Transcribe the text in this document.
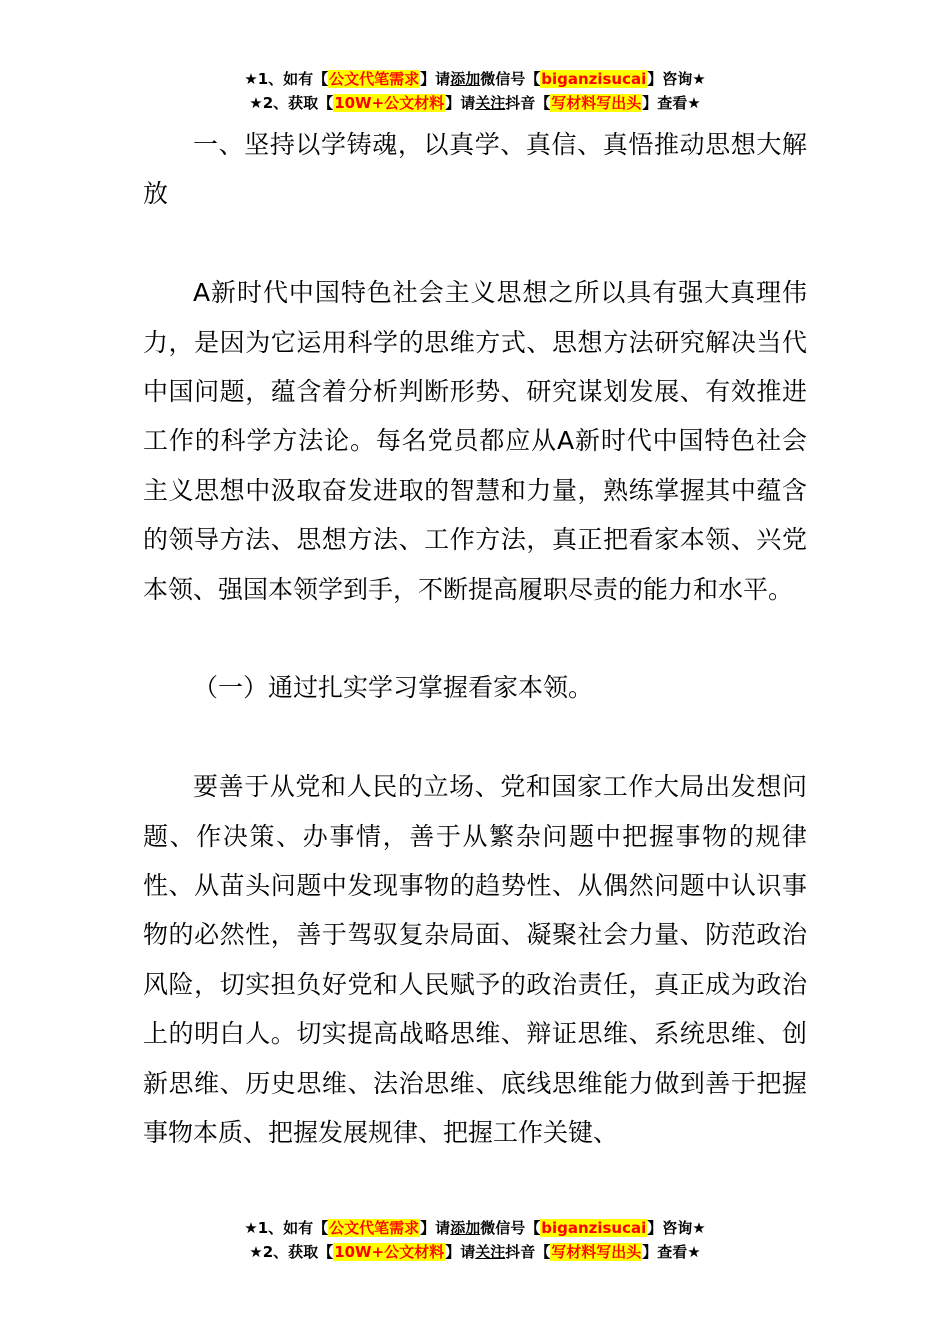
★1、如有【公文代笔需求】请添加微信号【biganzisucai】咨询★
★2、获取【10W+公文材料】请关注抖音【写材料写出头】查看★

一、坚持以学铸魂，以真学、真信、真悟推动思想大解放

A新时代中国特色社会主义思想之所以具有强大真理伟力，是因为它运用科学的思维方式、思想方法研究解决当代中国问题，蕴含着分析判断形势、研究谋划发展、有效推进工作的科学方法论。每名党员都应从A新时代中国特色社会主义思想中汲取奋发进取的智慧和力量，熟练掌握其中蕴含的领导方法、思想方法、工作方法，真正把看家本领、兴党本领、强国本领学到手，不断提高履职尽责的能力和水平。

（一）通过扎实学习掌握看家本领。

要善于从党和人民的立场、党和国家工作大局出发想问题、作决策、办事情，善于从繁杂问题中把握事物的规律性、从苗头问题中发现事物的趋势性、从偶然问题中认识事物的必然性，善于驾驭复杂局面、凝聚社会力量、防范政治风险，切实担负好党和人民赋予的政治责任，真正成为政治上的明白人。切实提高战略思维、辩证思维、系统思维、创新思维、历史思维、法治思维、底线思维能力做到善于把握事物本质、把握发展规律、把握工作关键、

★1、如有【公文代笔需求】请添加微信号【biganzisucai】咨询★
★2、获取【10W+公文材料】请关注抖音【写材料写出头】查看★
